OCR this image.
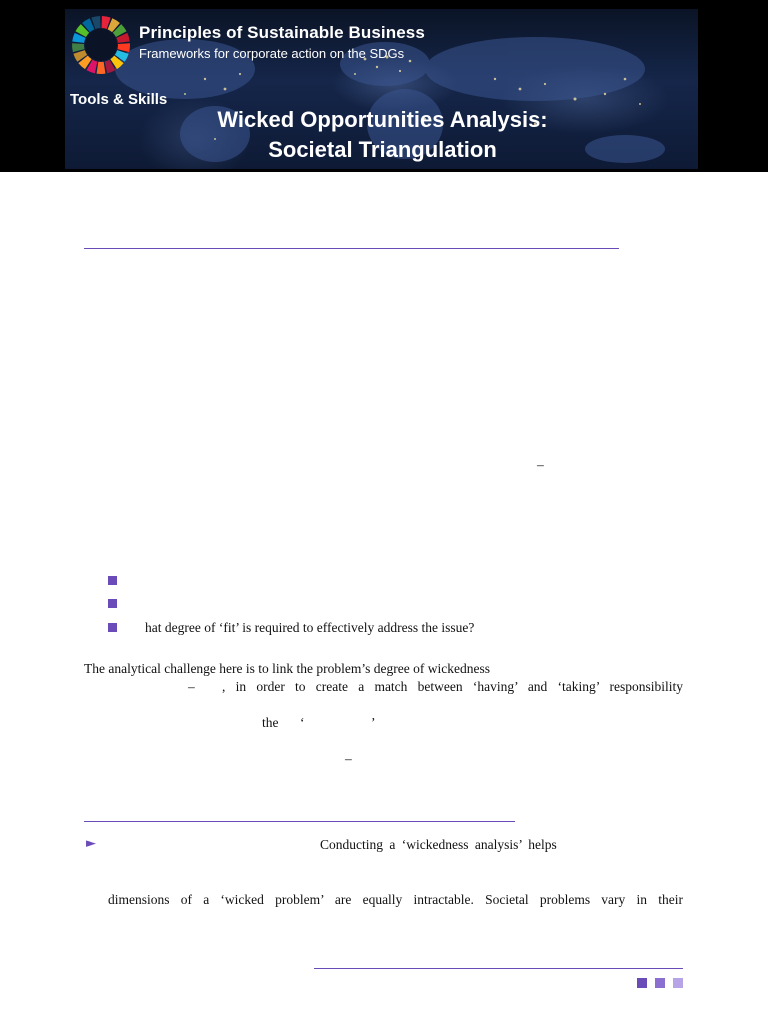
Principles of Sustainable Business
Frameworks for corporate action on the SDGs
Tools & Skills
Wicked Opportunities Analysis:
Societal Triangulation
–
hat degree of ‘fit’ is required to effectively address the issue?
The analytical challenge here is to link the problem’s degree of wickedness
– , in order to create a match between ‘having’ and ‘taking’ responsibility
the ‘	’
–
►	Conducting a ‘wickedness analysis’ helps
dimensions of a ‘wicked problem’ are equally intractable. Societal problems vary in their
